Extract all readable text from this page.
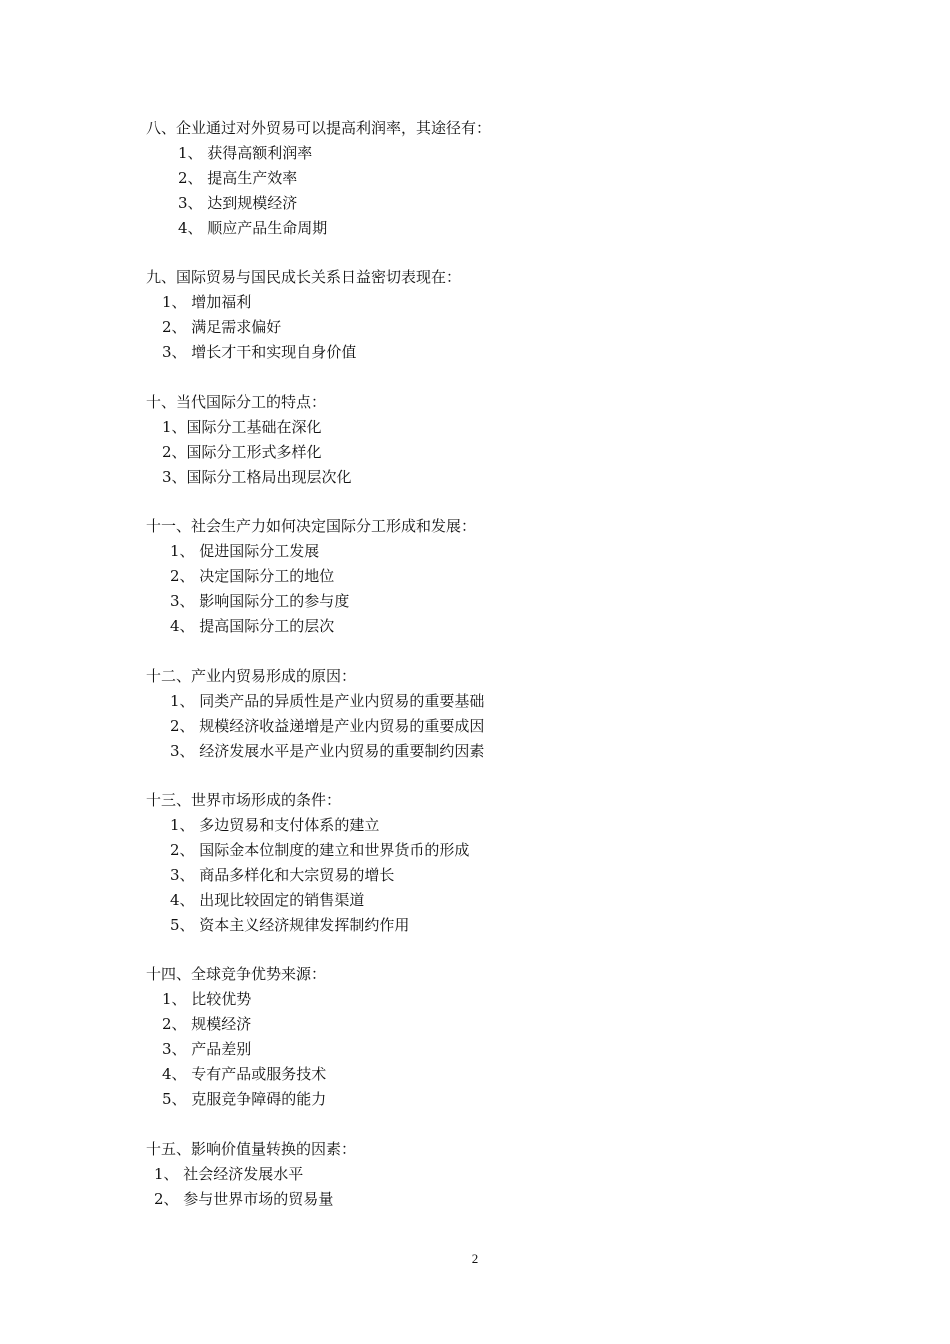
八、企业通过对外贸易可以提高利润率，其途径有：
1、 获得高额利润率
2、 提高生产效率
3、 达到规模经济
4、 顺应产品生命周期
九、国际贸易与国民成长关系日益密切表现在：
1、 增加福利
2、 满足需求偏好
3、 增长才干和实现自身价值
十、当代国际分工的特点：
1、国际分工基础在深化
2、国际分工形式多样化
3、国际分工格局出现层次化
十一、社会生产力如何决定国际分工形成和发展：
1、 促进国际分工发展
2、 决定国际分工的地位
3、 影响国际分工的参与度
4、 提高国际分工的层次
十二、产业内贸易形成的原因：
1、 同类产品的异质性是产业内贸易的重要基础
2、 规模经济收益递增是产业内贸易的重要成因
3、 经济发展水平是产业内贸易的重要制约因素
十三、世界市场形成的条件：
1、 多边贸易和支付体系的建立
2、 国际金本位制度的建立和世界货币的形成
3、 商品多样化和大宗贸易的增长
4、 出现比较固定的销售渠道
5、 资本主义经济规律发挥制约作用
十四、全球竞争优势来源：
1、 比较优势
2、 规模经济
3、 产品差别
4、 专有产品或服务技术
5、 克服竞争障碍的能力
十五、影响价值量转换的因素：
1、 社会经济发展水平
2、 参与世界市场的贸易量
2
